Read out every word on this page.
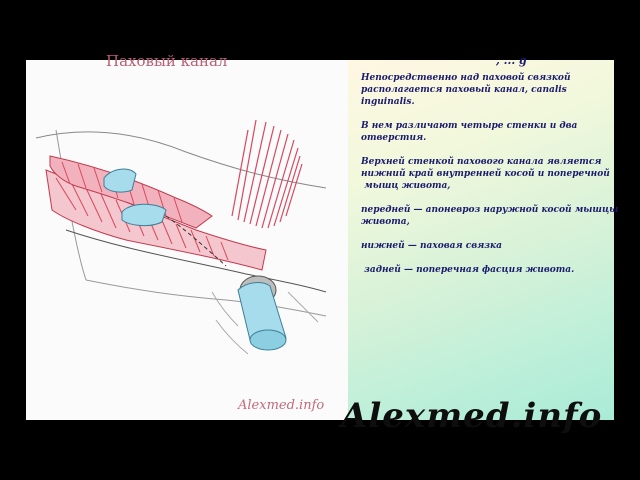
Паховый канал
Alexmed.info
, ... g

Непосредственно над паховой связкой располагается паховый канал, canalis inguinalis.

В нем различают четыре стенки и два отверстия.

Верхней стенкой пахового канала является нижний край внутренней косой и поперечной
мышц живота,

передней — апоневроз наружной косой мышцы живота,

нижней — паховая связка

задней — поперечная фасция живота.

Alexmed.info
